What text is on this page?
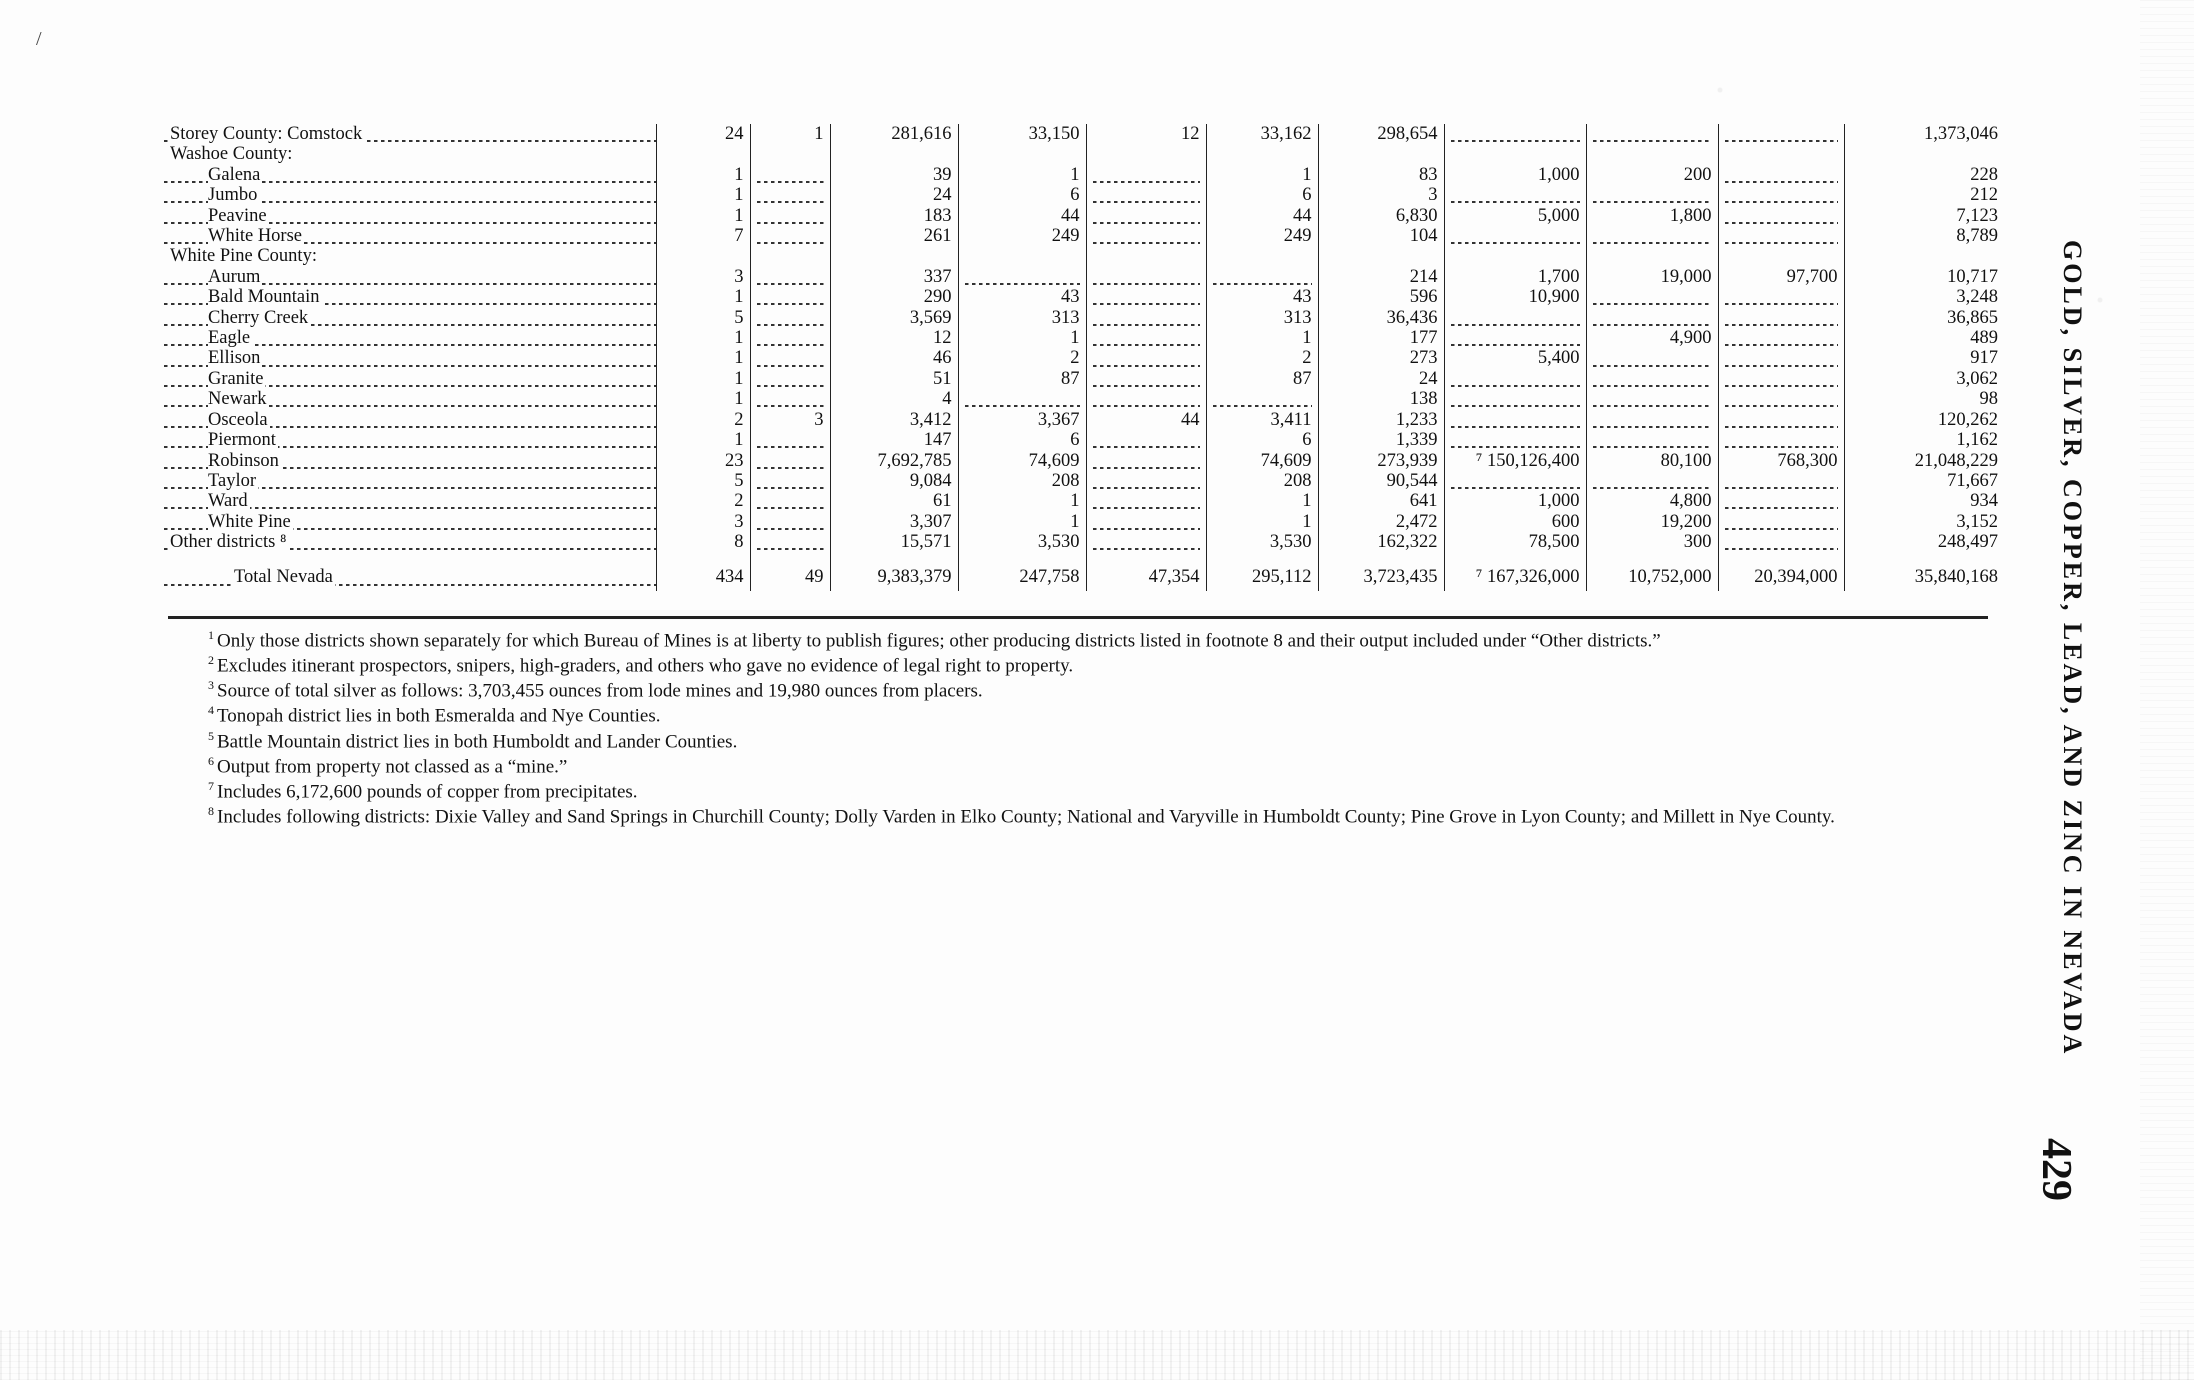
/
Storey County: Comstock	24	1	281,616	33,150	12	33,162	298,654				1,373,046
Washoe County:											
Galena	1		39	1		1	83	1,000	200		228
Jumbo	1		24	6		6	3				212
Peavine	1		183	44		44	6,830	5,000	1,800		7,123
White Horse	7		261	249		249	104				8,789
White Pine County:											
Aurum	3		337				214	1,700	19,000	97,700	10,717
Bald Mountain	1		290	43		43	596	10,900			3,248
Cherry Creek	5		3,569	313		313	36,436				36,865
Eagle	1		12	1		1	177		4,900		489
Ellison	1		46	2		2	273	5,400			917
Granite	1		51	87		87	24				3,062
Newark	1		4				138				98
Osceola	2	3	3,412	3,367	44	3,411	1,233				120,262
Piermont	1		147	6		6	1,339				1,162
Robinson	23		7,692,785	74,609		74,609	273,939	⁷ 150,126,400	80,100	768,300	21,048,229
Taylor	5		9,084	208		208	90,544				71,667
Ward	2		61	1		1	641	1,000	4,800		934
White Pine	3		3,307	1		1	2,472	600	19,200		3,152
Other districts ⁸	8		15,571	3,530		3,530	162,322	78,500	300		248,497
Total Nevada	434	49	9,383,379	247,758	47,354	295,112	3,723,435	⁷ 167,326,000	10,752,000	20,394,000	35,840,168

$^1$ Only those districts shown separately for which Bureau of Mines is at liberty to publish figures; other producing districts listed in footnote 8 and their output included under “Other districts.”

$^2$ Excludes itinerant prospectors, snipers, high-graders, and others who gave no evidence of legal right to property.

$^3$ Source of total silver as follows: 3,703,455 ounces from lode mines and 19,980 ounces from placers.

$^4$ Tonopah district lies in both Esmeralda and Nye Counties.

$^5$ Battle Mountain district lies in both Humboldt and Lander Counties.

$^6$ Output from property not classed as a “mine.”

$^7$ Includes 6,172,600 pounds of copper from precipitates.

$^8$ Includes following districts: Dixie Valley and Sand Springs in Churchill County; Dolly Varden in Elko County; National and Varyville in Humboldt County; Pine Grove in Lyon County; and Millett in Nye County.	GOLD, SILVER, COPPER, LEAD, AND ZINC IN NEVADA
429
